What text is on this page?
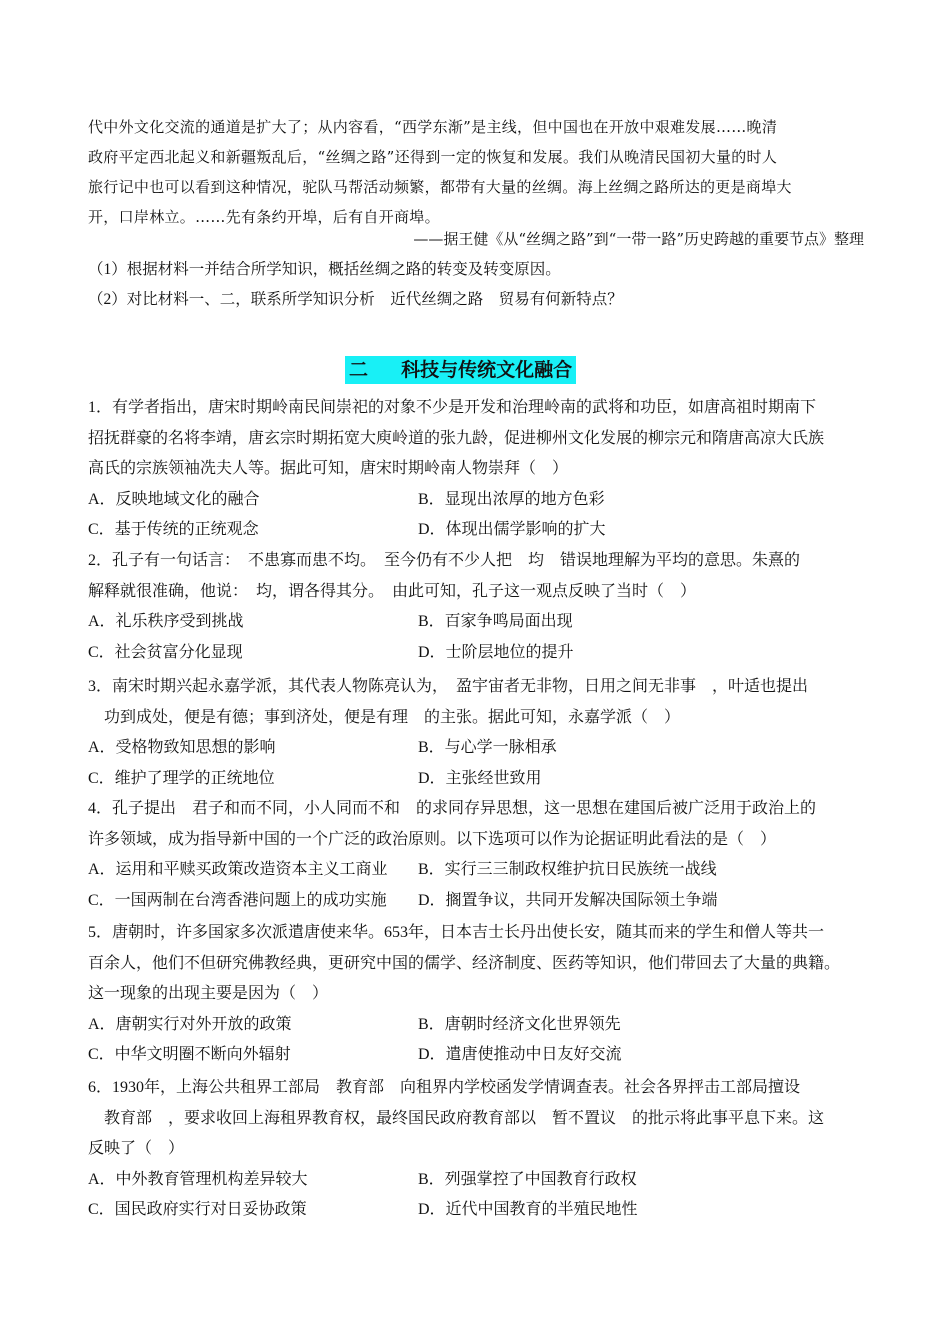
代中外文化交流的通道是扩大了；从内容看，“西学东渐”是主线，但中国也在开放中艰难发展……晚清

政府平定西北起义和新疆叛乱后，“丝绸之路”还得到一定的恢复和发展。我们从晚清民国初大量的时人

旅行记中也可以看到这种情况，驼队马帮活动频繁，都带有大量的丝绸。海上丝绸之路所达的更是商埠大

开，口岸林立。……先有条约开埠，后有自开商埠。

——据王健《从“丝绸之路”到“一带一路”历史跨越的重要节点》整理

（1）根据材料一并结合所学知识，概括丝绸之路的转变及转变原因。

（2）对比材料一、二，联系所学知识分析　近代丝绸之路　贸易有何新特点？

二 科技与传统文化融合

1．有学者指出，唐宋时期岭南民间崇祀的对象不少是开发和治理岭南的武将和功臣，如唐高祖时期南下

招抚群豪的名将李靖，唐玄宗时期拓宽大庾岭道的张九龄，促进柳州文化发展的柳宗元和隋唐高凉大氏族

高氏的宗族领袖冼夫人等。据此可知，唐宋时期岭南人物崇拜（　）

A．反映地域文化的融合	B．显现出浓厚的地方色彩
C．基于传统的正统观念	D．体现出儒学影响的扩大

2．孔子有一句话言：　不患寡而患不均。　至今仍有不少人把　均　错误地理解为平均的意思。朱熹的

解释就很准确，他说：　均，谓各得其分。　由此可知，孔子这一观点反映了当时（　）

A．礼乐秩序受到挑战	B．百家争鸣局面出现
C．社会贫富分化显现	D．士阶层地位的提升

3．南宋时期兴起永嘉学派，其代表人物陈亮认为，　盈宇宙者无非物，日用之间无非事　，叶适也提出

　功到成处，便是有德；事到济处，便是有理　的主张。据此可知，永嘉学派（　）

A．受格物致知思想的影响	B．与心学一脉相承
C．维护了理学的正统地位	D．主张经世致用

4．孔子提出　君子和而不同，小人同而不和　的求同存异思想，这一思想在建国后被广泛用于政治上的

许多领域，成为指导新中国的一个广泛的政治原则。以下选项可以作为论据证明此看法的是（　）

A．运用和平赎买政策改造资本主义工商业 B．实行三三制政权维护抗日民族统一战线
C．一国两制在台湾香港问题上的成功实施 D．搁置争议，共同开发解决国际领土争端

5．唐朝时，许多国家多次派遣唐使来华。653年，日本吉士长丹出使长安，随其而来的学生和僧人等共一

百余人，他们不但研究佛教经典，更研究中国的儒学、经济制度、医药等知识，他们带回去了大量的典籍。

这一现象的出现主要是因为（　）

A．唐朝实行对外开放的政策	B．唐朝时经济文化世界领先
C．中华文明圈不断向外辐射	D．遣唐使推动中日友好交流

6．1930年，上海公共租界工部局　教育部　向租界内学校函发学情调查表。社会各界抨击工部局擅设

　教育部　，要求收回上海租界教育权，最终国民政府教育部以　暂不置议　的批示将此事平息下来。这

反映了（　）

A．中外教育管理机构差异较大	B．列强掌控了中国教育行政权
C．国民政府实行对日妥协政策	D．近代中国教育的半殖民地性
